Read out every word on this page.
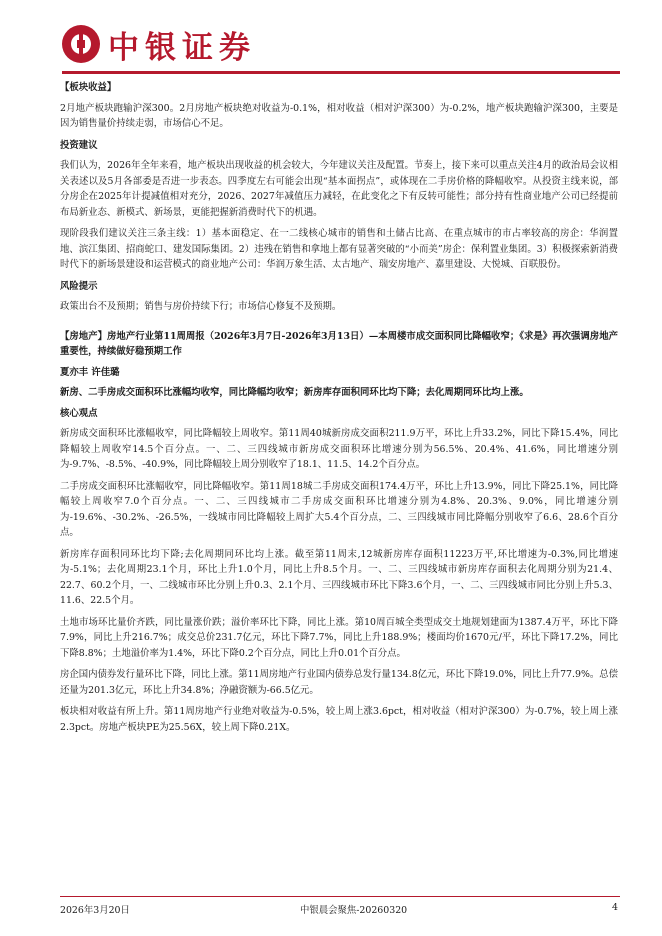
中银证券

【板块收益】

2月地产板块跑输沪深300。2月房地产板块绝对收益为-0.1%，相对收益（相对沪深300）为-0.2%，地产板块跑输沪深300，主要是因为销售量价持续走弱，市场信心不足。

投资建议

我们认为，2026年全年来看，地产板块出现收益的机会较大，今年建议关注及配置。节奏上，接下来可以重点关注4月的政治局会议相关表述以及5月各部委是否进一步表态。四季度左右可能会出现“基本面拐点”，或体现在二手房价格的降幅收窄。从投资主线来说，部分房企在2025年计提减值相对充分，2026、2027年减值压力减轻，在此变化之下有反转可能性；部分持有性商业地产公司已经提前布局新业态、新模式、新场景，更能把握新消费时代下的机遇。

现阶段我们建议关注三条主线：1）基本面稳定、在一二线核心城市的销售和土储占比高、在重点城市的市占率较高的房企：华润置地、滨江集团、招商蛇口、建发国际集团。2）违残在销售和拿地上都有显著突破的“小而美”房企：保利置业集团。3）积极探索新消费时代下的新场景建设和运营模式的商业地产公司：华润万象生活、太古地产、瑞安房地产、嘉里建设、大悦城、百联股份。

风险提示

政策出台不及预期；销售与房价持续下行；市场信心修复不及预期。

【房地产】房地产行业第11周周报（2026年3月7日-2026年3月13日）—本周楼市成交面积同比降幅收窄；《求是》再次强调房地产重要性，持续做好稳预期工作

夏亦丰 许佳璐

新房、二手房成交面积环比涨幅均收窄，同比降幅均收窄；新房库存面积同环比均下降；去化周期同环比均上涨。

核心观点

新房成交面积环比涨幅收窄，同比降幅较上周收窄。第11周40城新房成交面积211.9万平，环比上升33.2%，同比下降15.4%，同比降幅较上周收窄14.5个百分点。一、二、三四线城市新房成交面积环比增速分别为56.5%、20.4%、41.6%，同比增速分别为-9.7%、-8.5%、-40.9%，同比降幅较上周分别收窄了18.1、11.5、14.2个百分点。

二手房成交面积环比涨幅收窄，同比降幅收窄。第11周18城二手房成交面积174.4万平，环比上升13.9%，同比下降25.1%，同比降幅较上周收窄7.0个百分点。一、二、三四线城市二手房成交面积环比增速分别为4.8%、20.3%、9.0%，同比增速分别为-19.6%、-30.2%、-26.5%，一线城市同比降幅较上周扩大5.4个百分点，二、三四线城市同比降幅分别收窄了6.6、28.6个百分点。

新房库存面积同环比均下降;去化周期同环比均上涨。截至第11周末,12城新房库存面积11223万平,环比增速为-0.3%,同比增速为-5.1%；去化周期23.1个月，环比上升1.0个月，同比上升8.5个月。一、二、三四线城市新房库存面积去化周期分别为21.4、22.7、60.2个月，一、二线城市环比分别上升0.3、2.1个月、三四线城市环比下降3.6个月，一、二、三四线城市同比分别上升5.3、11.6、22.5个月。

土地市场环比量价齐跌，同比量涨价跌；溢价率环比下降，同比上涨。第10周百城全类型成交土地规划建面为1387.4万平，环比下降7.9%，同比上升216.7%；成交总价231.7亿元，环比下降7.7%，同比上升188.9%；楼面均价1670元/平，环比下降17.2%，同比下降8.8%；土地溢价率为1.4%，环比下降0.2个百分点，同比上升0.01个百分点。

房企国内债券发行量环比下降，同比上涨。第11周房地产行业国内债券总发行量134.8亿元，环比下降19.0%，同比上升77.9%。总偿还量为201.3亿元，环比上升34.8%；净融资额为-66.5亿元。

板块相对收益有所上升。第11周房地产行业绝对收益为-0.5%，较上周上涨3.6pct，相对收益（相对沪深300）为-0.7%，较上周上涨2.3pct。房地产板块PE为25.56X，较上周下降0.21X。

2026年3月20日	中银晨会聚焦-20260320	4
